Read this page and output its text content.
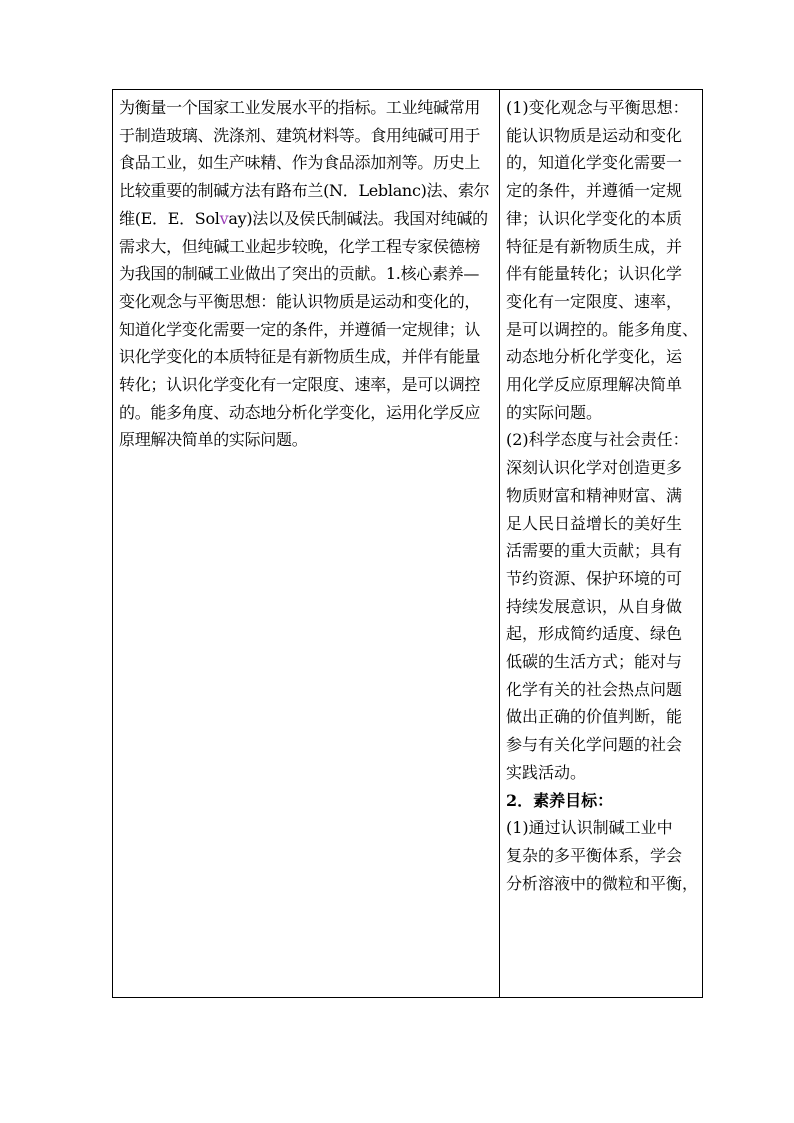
为衡量一个国家工业发展水平的指标。工业纯碱常用
于制造玻璃、洗涤剂、建筑材料等。食用纯碱可用于
食品工业，如生产味精、作为食品添加剂等。历史上
比较重要的制碱方法有路布兰(N．Leblanc)法、索尔
维(E．E．Solvay)法以及侯氏制碱法。我国对纯碱的
需求大，但纯碱工业起步较晚，化学工程专家侯德榜
为我国的制碱工业做出了突出的贡献。1.核心素养—
变化观念与平衡思想：能认识物质是运动和变化的，
知道化学变化需要一定的条件，并遵循一定规律；认
识化学变化的本质特征是有新物质生成，并伴有能量
转化；认识化学变化有一定限度、速率，是可以调控
的。能多角度、动态地分析化学变化，运用化学反应
原理解决简单的实际问题。

(1)变化观念与平衡思想：
能认识物质是运动和变化
的，知道化学变化需要一
定的条件，并遵循一定规
律；认识化学变化的本质
特征是有新物质生成，并
伴有能量转化；认识化学
变化有一定限度、速率，
是可以调控的。能多角度、
动态地分析化学变化，运
用化学反应原理解决简单
的实际问题。
(2)科学态度与社会责任：
深刻认识化学对创造更多
物质财富和精神财富、满
足人民日益增长的美好生
活需要的重大贡献；具有
节约资源、保护环境的可
持续发展意识，从自身做
起，形成简约适度、绿色
低碳的生活方式；能对与
化学有关的社会热点问题
做出正确的价值判断，能
参与有关化学问题的社会
实践活动。
2．素养目标：
(1)通过认识制碱工业中
复杂的多平衡体系，学会
分析溶液中的微粒和平衡，
